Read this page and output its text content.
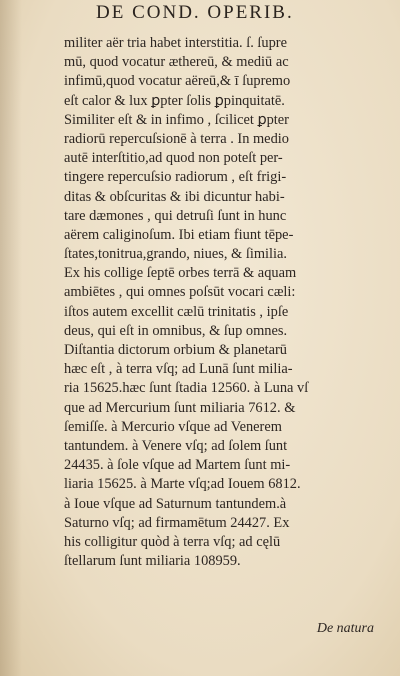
DE COND. OPERIB.
militer aër tria habet interstitia. ſ. ſupre
mū, quod vocatur æthereū, & mediū ac
infimū,quod vocatur aëreū,& ī ſupremo
eſt calor & lux ꝑpter ſolis ꝑpinquitatē.
Similiter eſt & in infimo , ſcilicet ꝑpter
radiorū repercuſsionē à terra . In medio
autē interſtitio,ad quod non poteſt per-
tingere repercuſsio radiorum , eſt frigi-
ditas & obſcuritas & ibi dicuntur habi-
tare dæmones , qui detruſi ſunt in hunc
aërem caliginoſum. Ibi etiam fiunt tēpe-
ſtates,tonitrua,grando, niues, & ſimilia.
Ex his collige ſeptē orbes terrā & aquam
ambiētes , qui omnes poſsūt vocari cæli:
iſtos autem excellit cælū trinitatis , ipſe
deus, qui eſt in omnibus, & ſup omnes.
Diſtantia dictorum orbium & planetarū
hæc eſt , à terra vſq; ad Lunā ſunt milia-
ria 15625.hæc ſunt ſtadia 12560. à Luna vſ
que ad Mercurium ſunt miliaria 7612. &
ſemiſſe. à Mercurio vſque ad Venerem
tantundem. à Venere vſq; ad ſolem ſunt
24435. à ſole vſque ad Martem ſunt mi-
liaria 15625. à Marte vſq;ad Iouem 6812.
à Ioue vſque ad Saturnum tantundem.à
Saturno vſq; ad firmamētum 24427. Ex
his colligitur quòd à terra vſq; ad cęlū
ſtellarum ſunt miliaria 108959.
De natura
